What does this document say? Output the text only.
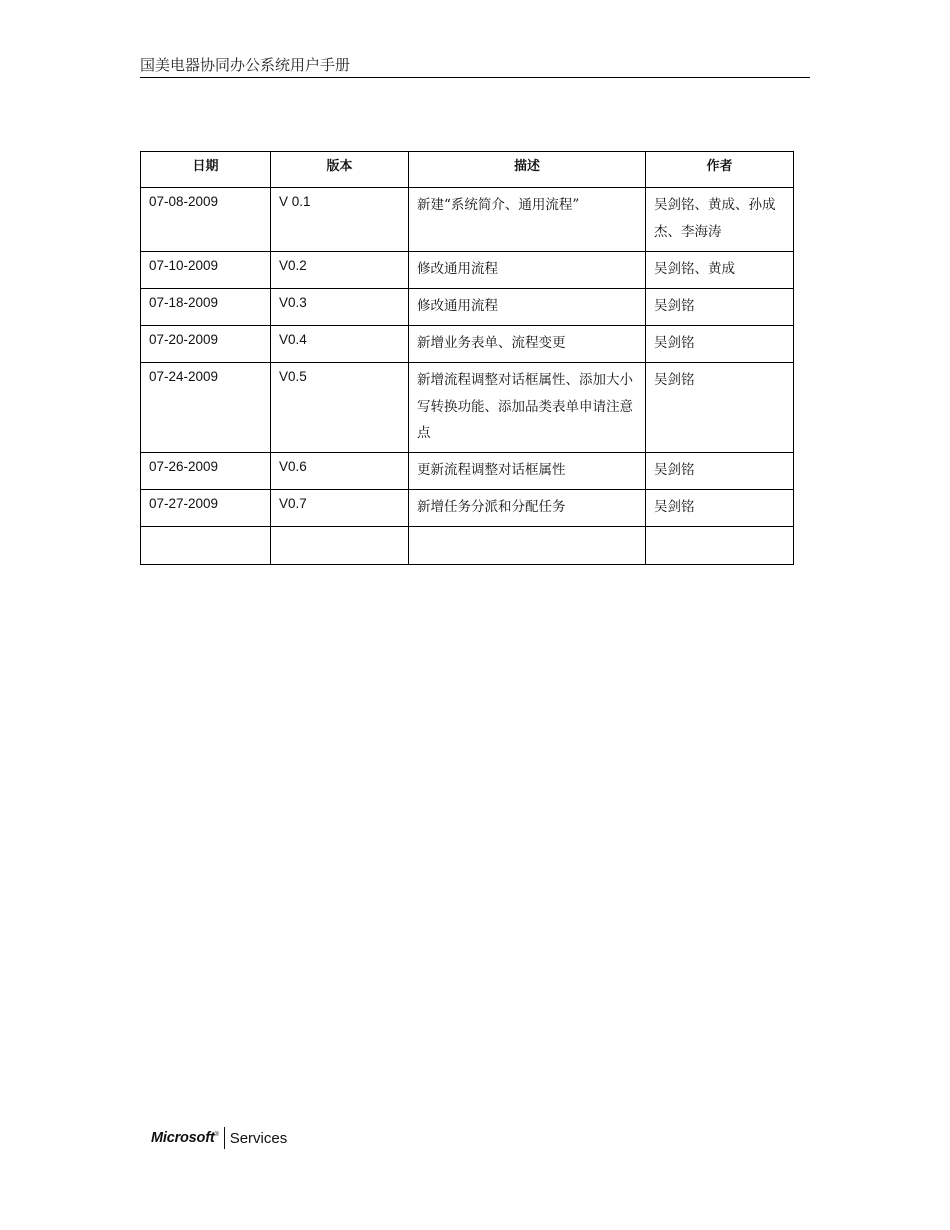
国美电器协同办公系统用户手册
日期	版本	描述	作者
07-08-2009	V 0.1	新建“系统简介、通用流程”	吴剑铭、黄成、孙成杰、李海涛
07-10-2009	V0.2	修改通用流程	吴剑铭、黄成
07-18-2009	V0.3	修改通用流程	吴剑铭
07-20-2009	V0.4	新增业务表单、流程变更	吴剑铭
07-24-2009	V0.5	新增流程调整对话框属性、添加大小写转换功能、添加品类表单申请注意点	吴剑铭
07-26-2009	V0.6	更新流程调整对话框属性	吴剑铭
07-27-2009	V0.7	新增任务分派和分配任务	吴剑铭

Microsoft® Services
